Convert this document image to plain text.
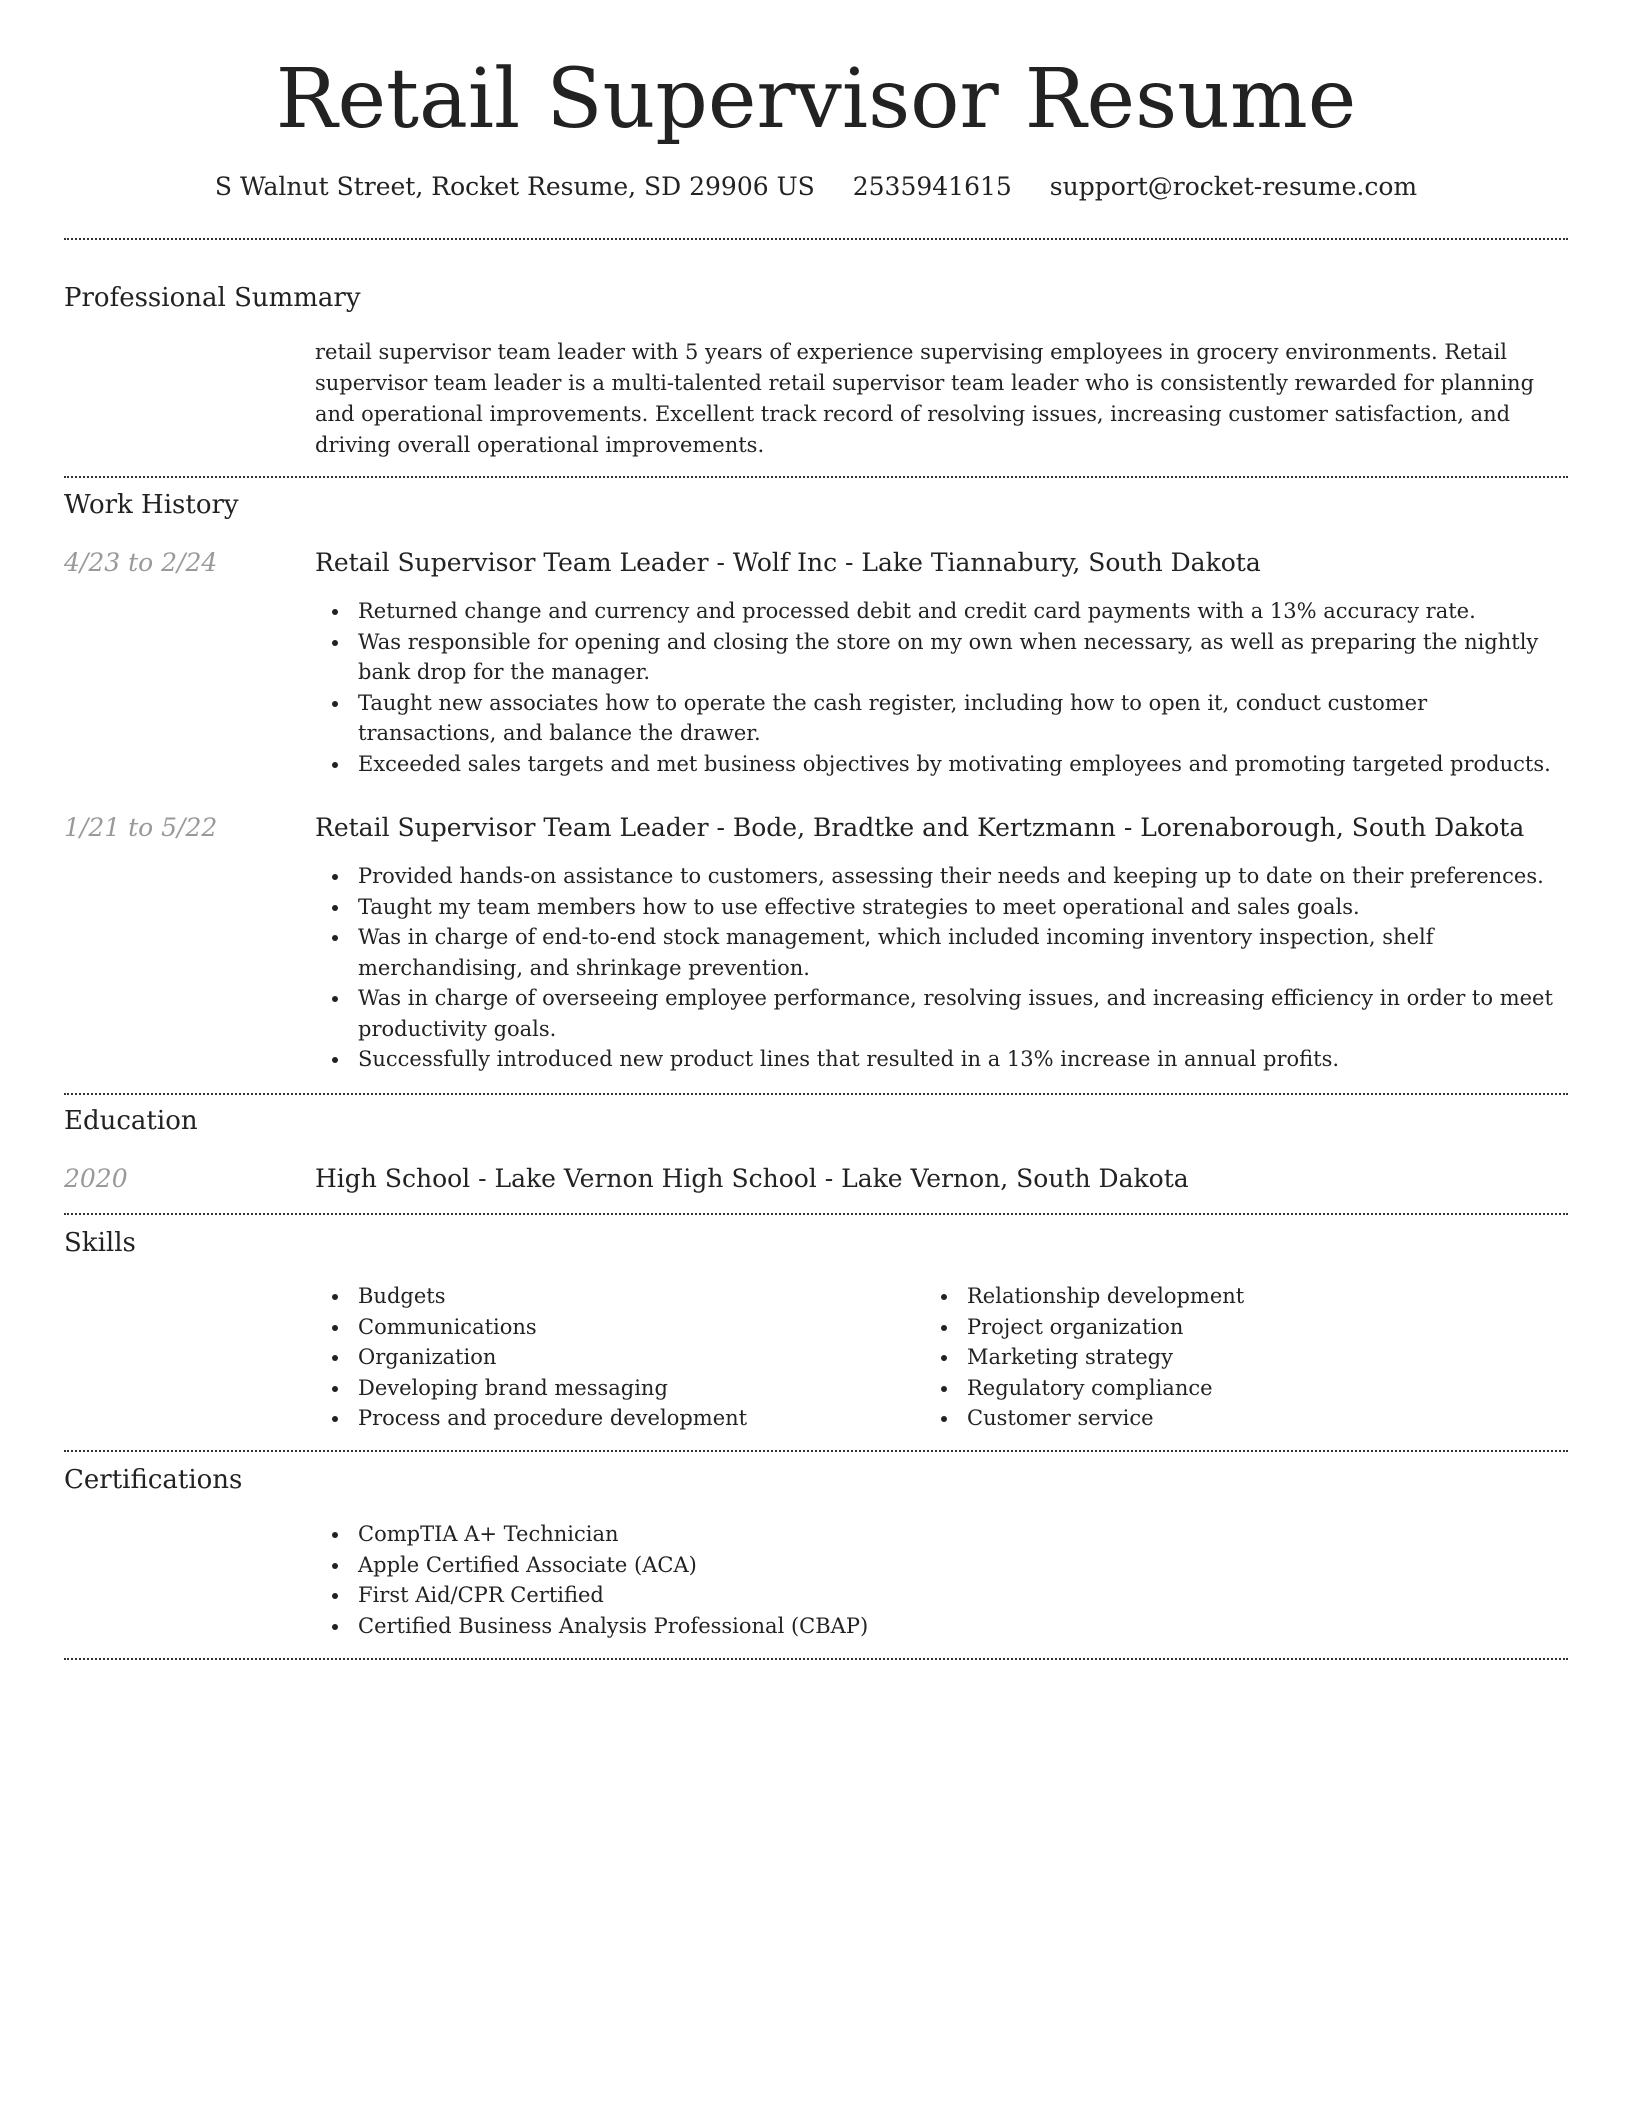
Retail Supervisor Resume
S Walnut Street, Rocket Resume, SD 29906 US 2535941615 support@rocket-resume.com
Professional Summary
retail supervisor team leader with 5 years of experience supervising employees in grocery environments. Retail supervisor team leader is a multi-talented retail supervisor team leader who is consistently rewarded for planning and operational improvements. Excellent track record of resolving issues, increasing customer satisfaction, and driving overall operational improvements.
Work History
4/23 to 2/24	Retail Supervisor Team Leader - Wolf Inc - Lake Tiannabury, South Dakota
Returned change and currency and processed debit and credit card payments with a 13% accuracy rate.
Was responsible for opening and closing the store on my own when necessary, as well as preparing the nightly bank drop for the manager.
Taught new associates how to operate the cash register, including how to open it, conduct customer transactions, and balance the drawer.
Exceeded sales targets and met business objectives by motivating employees and promoting targeted products.
1/21 to 5/22	Retail Supervisor Team Leader - Bode, Bradtke and Kertzmann - Lorenaborough, South Dakota
Provided hands-on assistance to customers, assessing their needs and keeping up to date on their preferences.
Taught my team members how to use effective strategies to meet operational and sales goals.
Was in charge of end-to-end stock management, which included incoming inventory inspection, shelf merchandising, and shrinkage prevention.
Was in charge of overseeing employee performance, resolving issues, and increasing efficiency in order to meet productivity goals.
Successfully introduced new product lines that resulted in a 13% increase in annual profits.
Education
2020	High School - Lake Vernon High School - Lake Vernon, South Dakota
Skills
Budgets
Communications
Organization
Developing brand messaging
Process and procedure development
Relationship development
Project organization
Marketing strategy
Regulatory compliance
Customer service
Certifications
CompTIA A+ Technician
Apple Certified Associate (ACA)
First Aid/CPR Certified
Certified Business Analysis Professional (CBAP)
